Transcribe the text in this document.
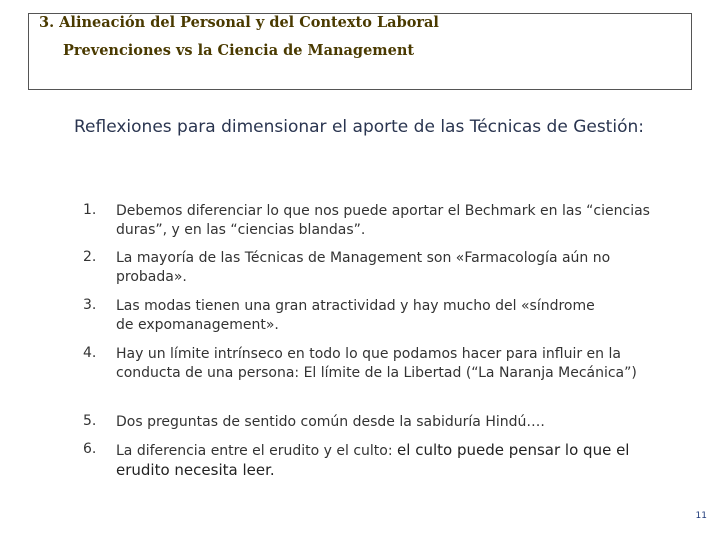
3. Alineación del Personal y del Contexto Laboral
Prevenciones vs la Ciencia de Management
Reflexiones para dimensionar el aporte de las Técnicas de Gestión:
1. Debemos diferenciar lo que nos puede aportar el Bechmark en las “ciencias duras”, y en las “ciencias blandas”.
2. La mayoría de las Técnicas de Management son «Farmacología aún no probada».
3. Las modas tienen una gran atractividad y hay mucho del «síndrome de expomanagement».
4. Hay un límite intrínseco en todo lo que podamos hacer para influir en la conducta de una persona: El límite de la Libertad (“La Naranja Mecánica”)
5. Dos preguntas de sentido común desde la sabiduría Hindú….
6. La diferencia entre el erudito y el culto: el culto puede pensar lo que el erudito necesita leer.
11
